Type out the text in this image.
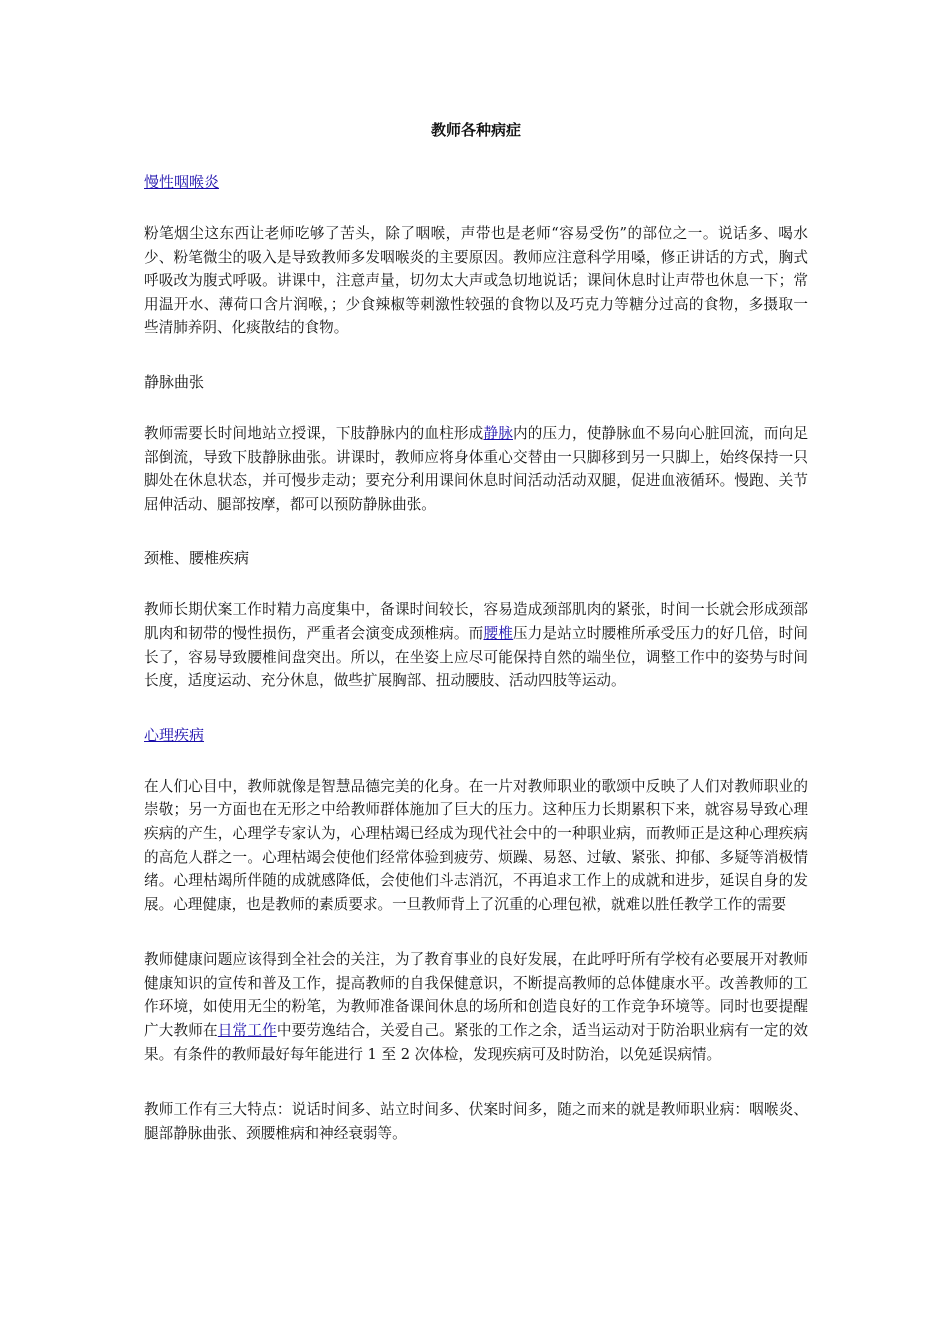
教师各种病症

慢性咽喉炎

粉笔烟尘这东西让老师吃够了苦头，除了咽喉，声带也是老师“容易受伤”的部位之一。说话多、喝水少、粉笔微尘的吸入是导致教师多发咽喉炎的主要原因。教师应注意科学用嗓，修正讲话的方式，胸式呼吸改为腹式呼吸。讲课中，注意声量，切勿太大声或急切地说话；课间休息时让声带也休息一下；常用温开水、薄荷口含片润喉，；少食辣椒等刺激性较强的食物以及巧克力等糖分过高的食物，多摄取一些清肺养阴、化痰散结的食物。

静脉曲张

教师需要长时间地站立授课，下肢静脉内的血柱形成静脉内的压力，使静脉血不易向心脏回流，而向足部倒流，导致下肢静脉曲张。讲课时，教师应将身体重心交替由一只脚移到另一只脚上，始终保持一只脚处在休息状态，并可慢步走动；要充分利用课间休息时间活动活动双腿，促进血液循环。慢跑、关节屈伸活动、腿部按摩，都可以预防静脉曲张。

颈椎、腰椎疾病

教师长期伏案工作时精力高度集中，备课时间较长，容易造成颈部肌肉的紧张，时间一长就会形成颈部肌肉和韧带的慢性损伤，严重者会演变成颈椎病。而腰椎压力是站立时腰椎所承受压力的好几倍，时间长了，容易导致腰椎间盘突出。所以，在坐姿上应尽可能保持自然的端坐位，调整工作中的姿势与时间长度，适度运动、充分休息，做些扩展胸部、扭动腰肢、活动四肢等运动。

心理疾病

在人们心目中，教师就像是智慧品德完美的化身。在一片对教师职业的歌颂中反映了人们对教师职业的崇敬；另一方面也在无形之中给教师群体施加了巨大的压力。这种压力长期累积下来，就容易导致心理疾病的产生，心理学专家认为，心理枯竭已经成为现代社会中的一种职业病，而教师正是这种心理疾病的高危人群之一。心理枯竭会使他们经常体验到疲劳、烦躁、易怒、过敏、紧张、抑郁、多疑等消极情绪。心理枯竭所伴随的成就感降低，会使他们斗志消沉，不再追求工作上的成就和进步，延误自身的发展。心理健康，也是教师的素质要求。一旦教师背上了沉重的心理包袱，就难以胜任教学工作的需要

教师健康问题应该得到全社会的关注，为了教育事业的良好发展，在此呼吁所有学校有必要展开对教师健康知识的宣传和普及工作，提高教师的自我保健意识，不断提高教师的总体健康水平。改善教师的工作环境，如使用无尘的粉笔，为教师准备课间休息的场所和创造良好的工作竞争环境等。同时也要提醒广大教师在日常工作中要劳逸结合，关爱自己。紧张的工作之余，适当运动对于防治职业病有一定的效果。有条件的教师最好每年能进行 1 至 2 次体检，发现疾病可及时防治，以免延误病情。

教师工作有三大特点：说话时间多、站立时间多、伏案时间多，随之而来的就是教师职业病：咽喉炎、腿部静脉曲张、颈腰椎病和神经衰弱等。
